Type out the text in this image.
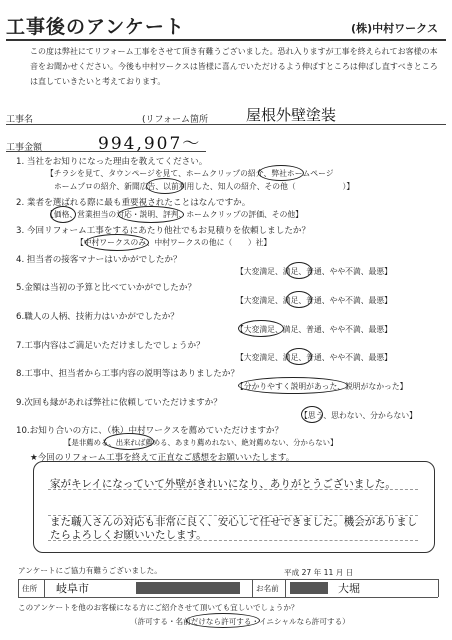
工事後のアンケート	(株)中村ワークス
この度は弊社にてリフォーム工事をさせて頂き有難うございました。恐れ入りますが工事を終えられてお客様の本音をお聞かせください。今後も中村ワークスは皆様に喜んでいただけるよう伸ばすところは伸ばし直すべきところは直していきたいと考えております。
工事名	(リフォーム箇所	屋根外壁塗装
工事金額	994,907〜
1. 当社をお知りになった理由を教えてください。
【チラシを見て、タウンページを見て、ホームクリップの紹介、弊社ホームページ
ホームプロの紹介、新聞広告、以前利用した、知人の紹介、その他（　　　　　　）】
2. 業者を選ばれる際に最も重要視されたことはなんですか。
【価格、営業担当の対応・説明、評判、ホームクリップの評価、その他】
3. 今回リフォーム工事をするにあたり他社でもお見積りを依頼しましたか？
【中村ワークスのみ、中村ワークスの他に（　　）社】
4. 担当者の接客マナーはいかがでしたか？
【大変満足、満足、普通、やや不満、最悪】
5.金額は当初の予算と比べていかがでしたか？
【大変満足、満足、普通、やや不満、最悪】
6.職人の人柄、技術力はいかがでしたか？
【大変満足、満足、普通、やや不満、最悪】
7.工事内容はご満足いただけましたでしょうか？
【大変満足、満足、普通、やや不満、最悪】
8.工事中、担当者から工事内容の説明等はありましたか？
【分かりやすく説明があった、説明がなかった】
9.次回も縁があれば弊社に依頼していただけますか？
【思う、思わない、分からない】
10.お知り合いの方に、（株）中村ワークスを薦めていただけますか？
【是非薦める、出来れば薦める、あまり薦めれない、絶対薦めない、分からない】
★今回のリフォーム工事を終えて正直なご感想をお願いいたします。
家がキレイになっていて外壁がきれいになり、ありがとうございました。
また職人さんの対応も非常に良く、安心して任せできました。機会がありましたらよろしくお願いいたします。
アンケートにご協力有難うございました。	平成 27 年 11 月 日
住所 岐阜市	お名前	大堀
このアンケートを他のお客様になる方にご紹介させて頂いても宜しいでしょうか？
（許可する・名前だけなら許可する・イニシャルなら許可する）
